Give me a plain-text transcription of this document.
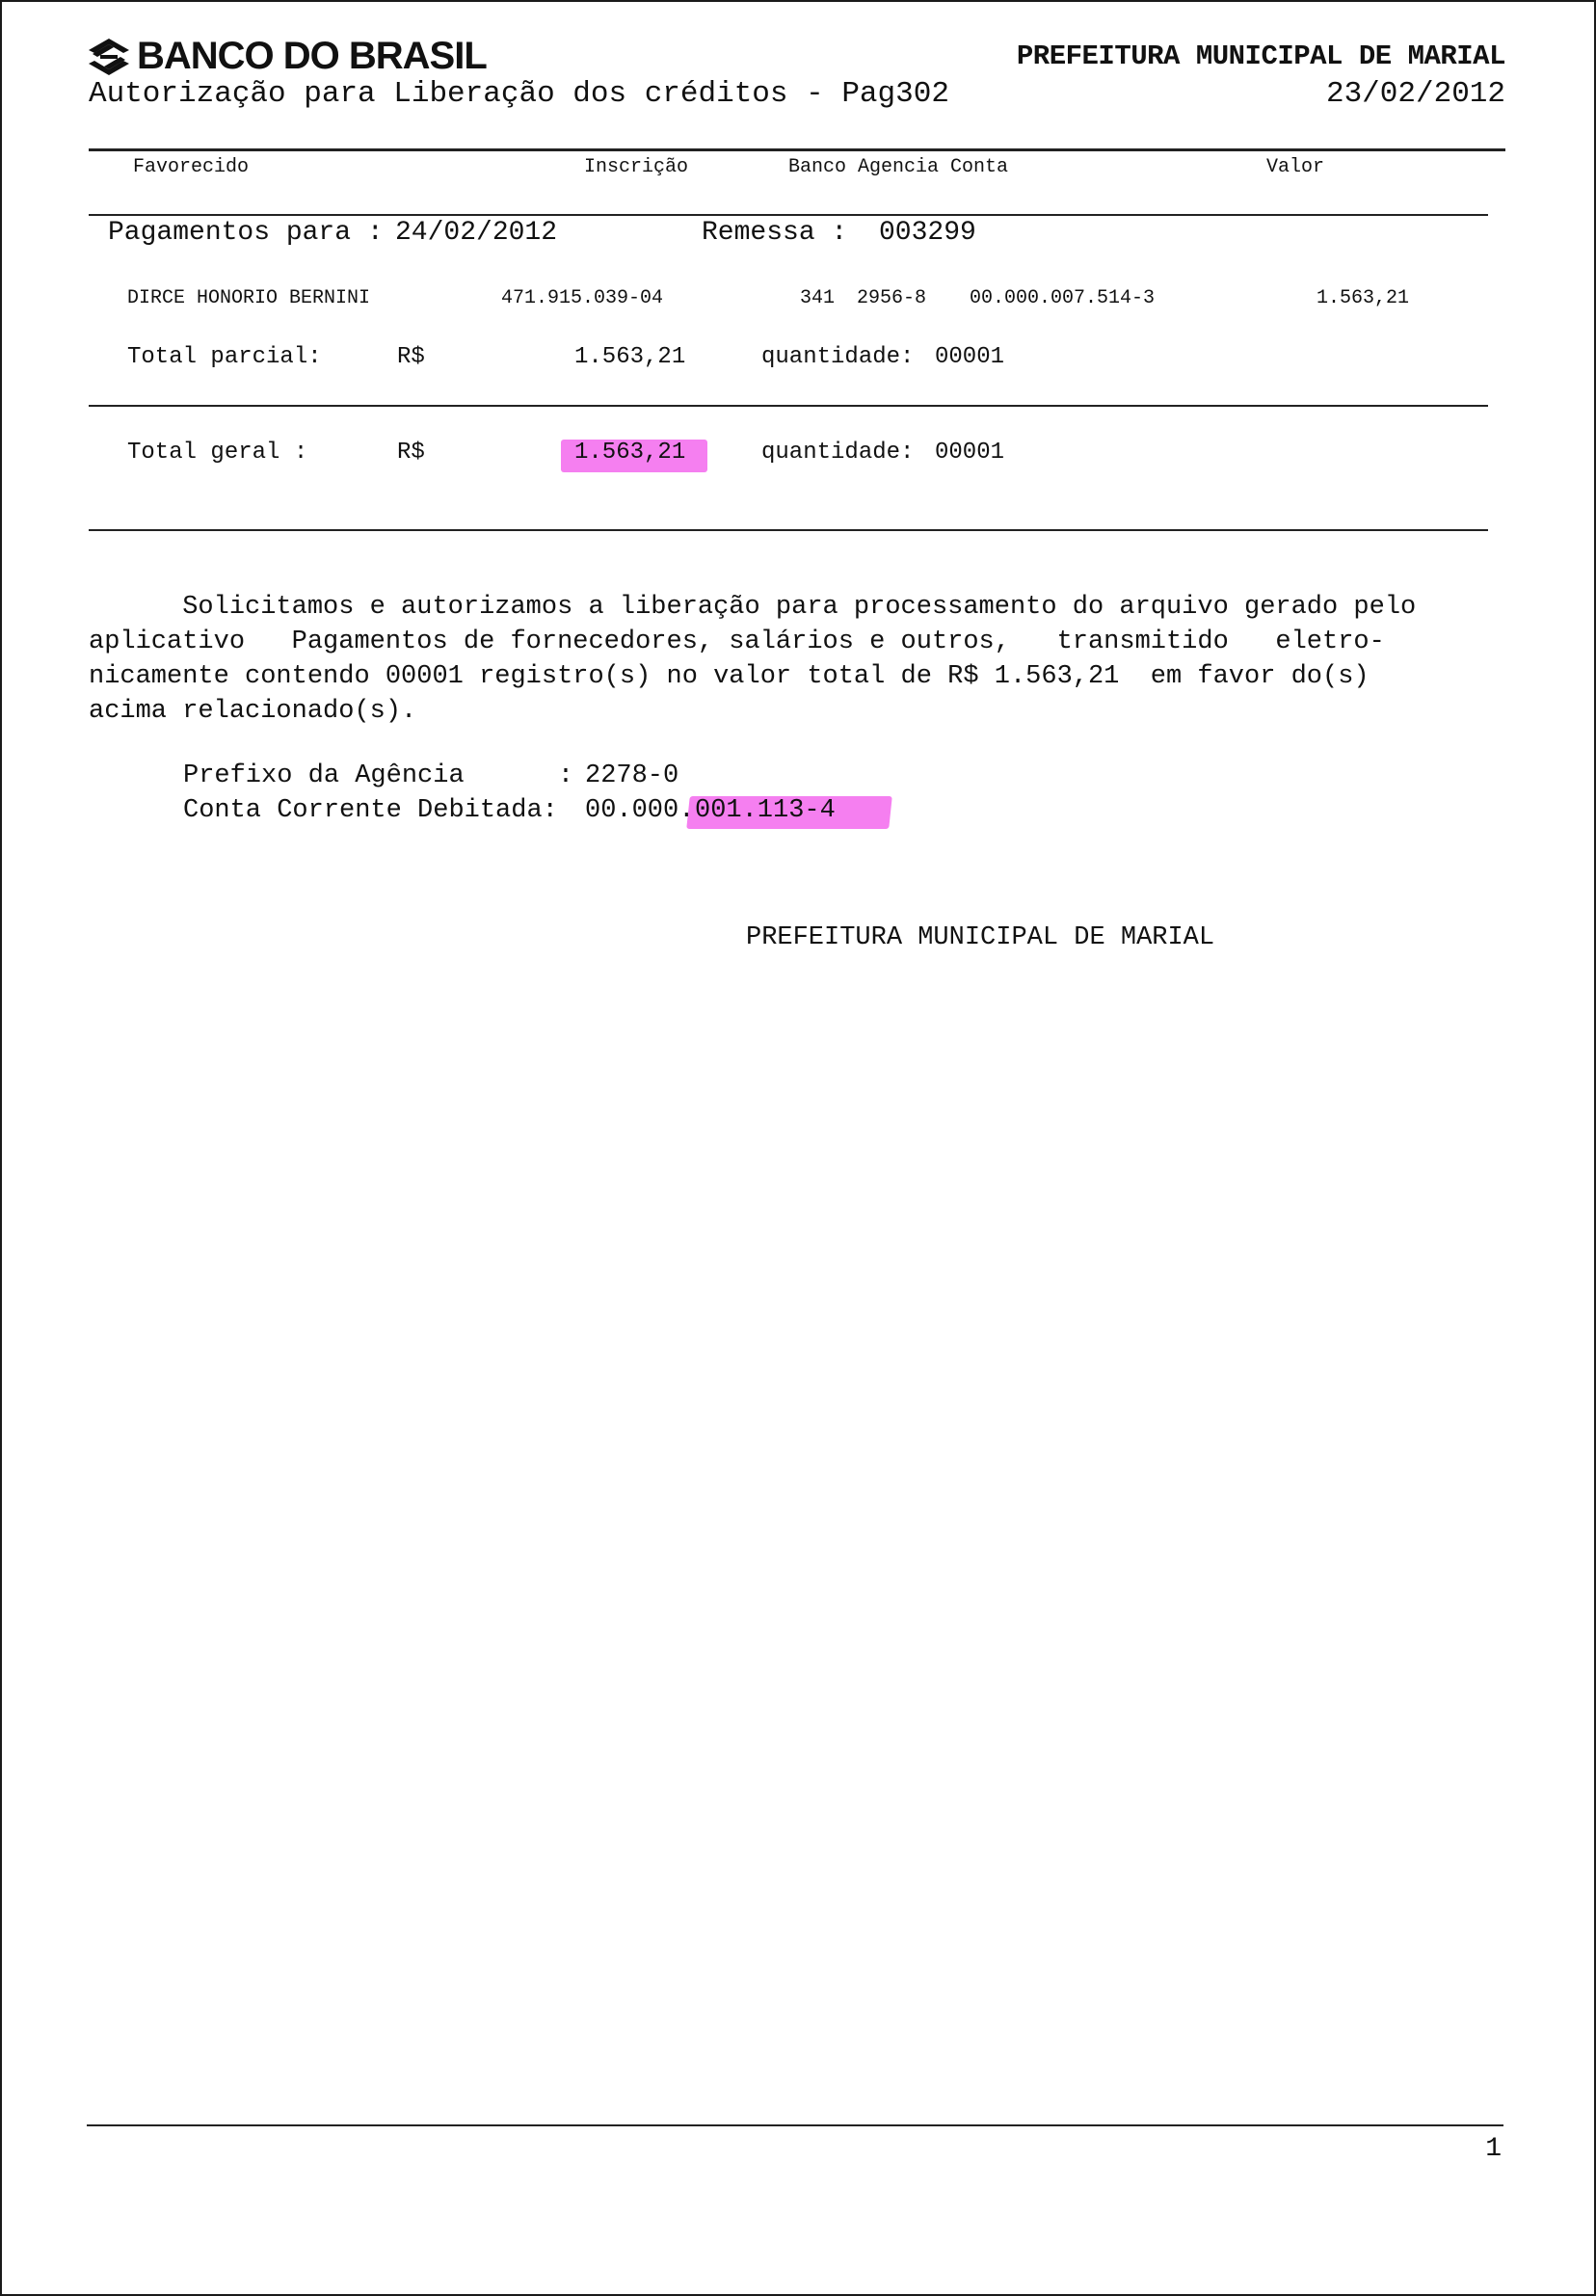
BANCO DO BRASIL
Autorização para Liberação dos créditos - Pag302
PREFEITURA MUNICIPAL DE MARIAL
23/02/2012
Favorecido	Inscrição	Banco Agencia Conta	Valor
Pagamentos para : 24/02/2012	Remessa : 003299
DIRCE HONORIO BERNINI	471.915.039-04	341 2956-8 00.000.007.514-3	1.563,21
Total parcial:	R$	1.563,21	quantidade: 00001
Total geral :	R$	1.563,21	quantidade: 00001
Solicitamos e autorizamos a liberação para processamento do arquivo gerado pelo
aplicativo   Pagamentos de fornecedores, salários e outros,   transmitido   eletro-
nicamente contendo 00001 registro(s) no valor total de R$ 1.563,21  em favor do(s)
acima relacionado(s).
Prefixo da Agência      : 2278-0
Conta Corrente Debitada: 00.000. 001.113-4
PREFEITURA MUNICIPAL DE MARIAL
1
